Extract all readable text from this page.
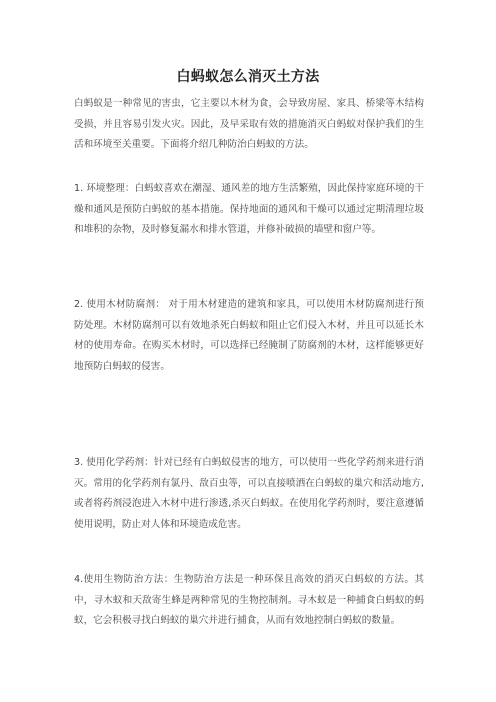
白蚂蚁怎么消灭土方法
白蚂蚁是一种常见的害虫，它主要以木材为食，会导致房屋、家具、桥梁等木结构受损，并且容易引发火灾。因此，及早采取有效的措施消灭白蚂蚁对保护我们的生活和环境至关重要。下面将介绍几种防治白蚂蚁的方法。
1. 环境整理：白蚂蚁喜欢在潮湿、通风差的地方生活繁殖，因此保持家庭环境的干燥和通风是预防白蚂蚁的基本措施。保持地面的通风和干燥可以通过定期清理垃圾和堆积的杂物，及时修复漏水和排水管道，并修补破损的墙壁和窗户等。
2. 使用木材防腐剂： 对于用木材建造的建筑和家具，可以使用木材防腐剂进行预防处理。木材防腐剂可以有效地杀死白蚂蚁和阻止它们侵入木材，并且可以延长木材的使用寿命。在购买木材时，可以选择已经腌制了防腐剂的木材，这样能够更好地预防白蚂蚁的侵害。
3. 使用化学药剂：针对已经有白蚂蚁侵害的地方，可以使用一些化学药剂来进行消灭。常用的化学药剂有氯丹、敌百虫等，可以直接喷洒在白蚂蚁的巢穴和活动地方,或者将药剂浸泡进入木材中进行渗透,杀灭白蚂蚁。在使用化学药剂时，要注意遵循使用说明，防止对人体和环境造成危害。
4.使用生物防治方法：生物防治方法是一种环保且高效的消灭白蚂蚁的方法。其中，寻木蚁和天敌寄生蜂是两种常见的生物控制剂。寻木蚁是一种捕食白蚂蚁的蚂蚁，它会积极寻找白蚂蚁的巢穴并进行捕食，从而有效地控制白蚂蚁的数量。
